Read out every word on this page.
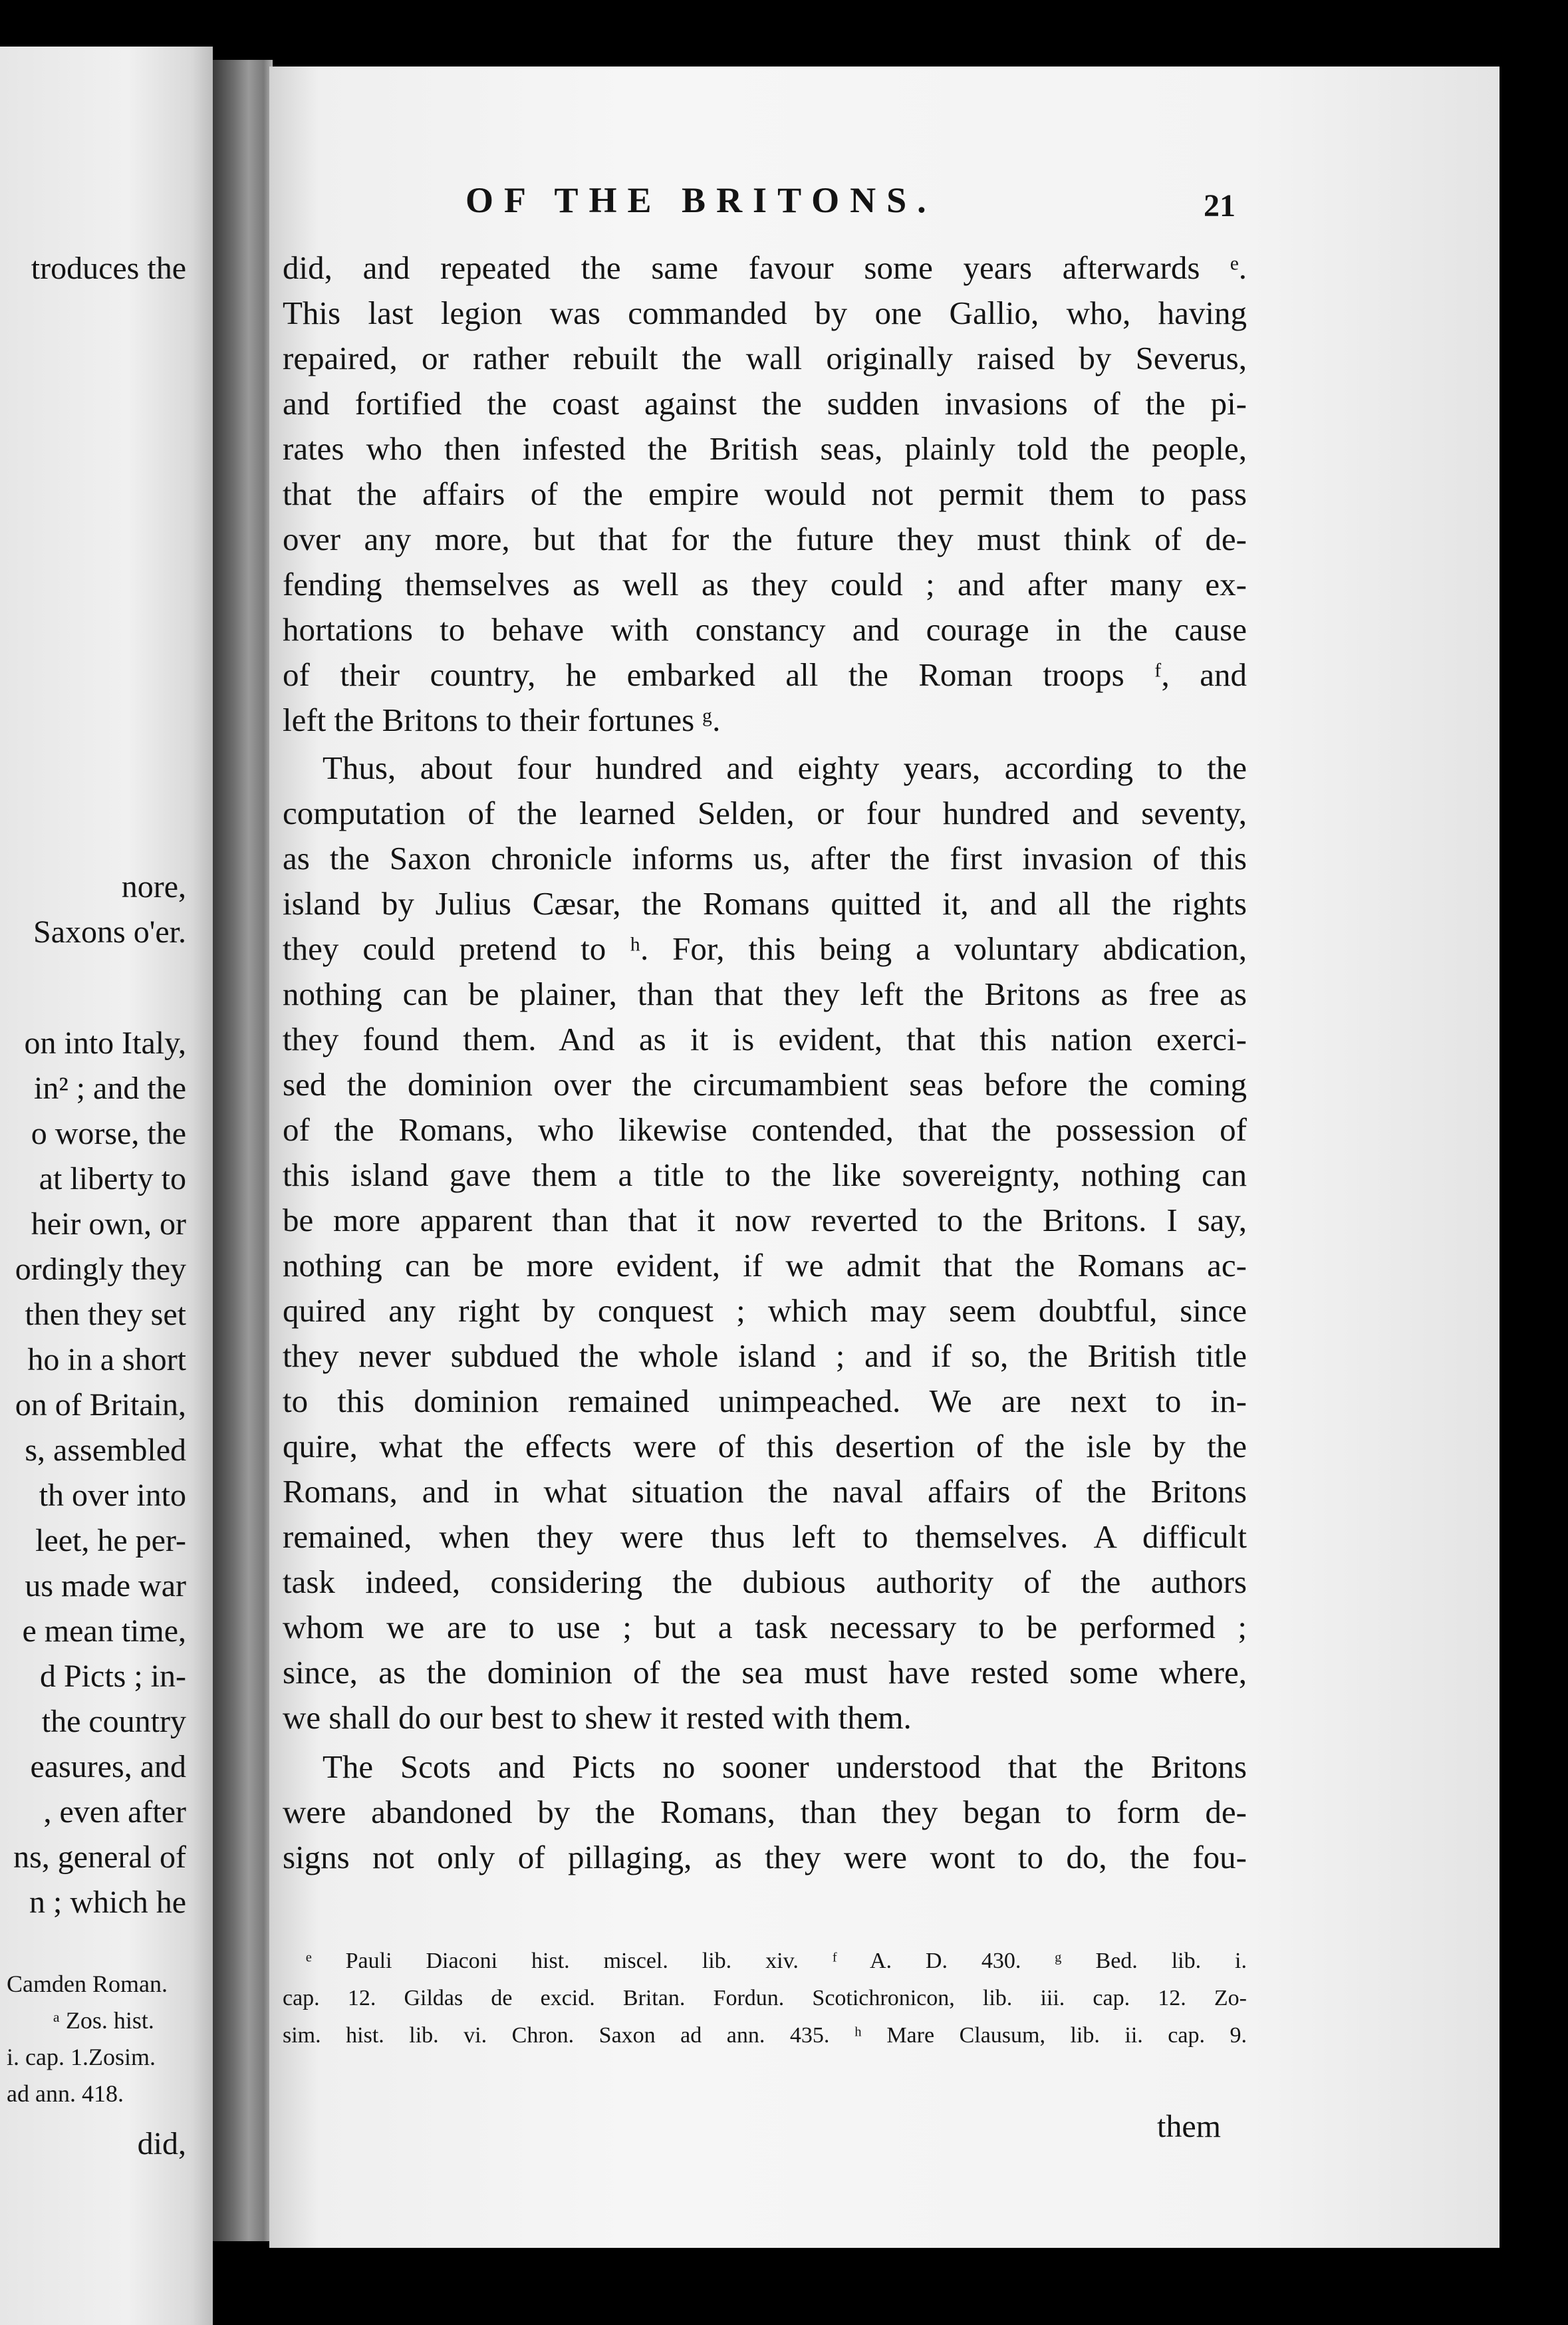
troduces the
nore,
Saxons o'er.
on into Italy,
in² ; and the
o worse, the
at liberty to
heir own, or
ordingly they
then they set
ho in a short
on of Britain,
s, assembled
th over into
leet, he per-
us made war
e mean time,
d Picts ; in-
the country
easures, and
, even after
ns, general of
n ; which he
Camden Roman.
ᵃ Zos. hist.
i. cap. 1.Zosim.
ad ann. 418.
did,
OF THE BRITONS.	21
did, and repeated the same favour some years afterwards ᵉ.
This last legion was commanded by one Gallio, who, having
repaired, or rather rebuilt the wall originally raised by Severus,
and fortified the coast against the sudden invasions of the pi-
rates who then infested the British seas, plainly told the people,
that the affairs of the empire would not permit them to pass
over any more, but that for the future they must think of de-
fending themselves as well as they could ; and after many ex-
hortations to behave with constancy and courage in the cause
of their country, he embarked all the Roman troops ᶠ, and
left the Britons to their fortunes ᵍ.
Thus, about four hundred and eighty years, according to the
computation of the learned Selden, or four hundred and seventy,
as the Saxon chronicle informs us, after the first invasion of this
island by Julius Cæsar, the Romans quitted it, and all the rights
they could pretend to ʰ. For, this being a voluntary abdication,
nothing can be plainer, than that they left the Britons as free as
they found them. And as it is evident, that this nation exerci-
sed the dominion over the circumambient seas before the coming
of the Romans, who likewise contended, that the possession of
this island gave them a title to the like sovereignty, nothing can
be more apparent than that it now reverted to the Britons. I say,
nothing can be more evident, if we admit that the Romans ac-
quired any right by conquest ; which may seem doubtful, since
they never subdued the whole island ; and if so, the British title
to this dominion remained unimpeached. We are next to in-
quire, what the effects were of this desertion of the isle by the
Romans, and in what situation the naval affairs of the Britons
remained, when they were thus left to themselves. A difficult
task indeed, considering the dubious authority of the authors
whom we are to use ; but a task necessary to be performed ;
since, as the dominion of the sea must have rested some where,
we shall do our best to shew it rested with them.
The Scots and Picts no sooner understood that the Britons
were abandoned by the Romans, than they began to form de-
signs not only of pillaging, as they were wont to do, the fou-
ᵉ Pauli Diaconi hist. miscel. lib. xiv. ᶠ A. D. 430. ᵍ Bed. lib. i.
cap. 12. Gildas de excid. Britan. Fordun. Scotichronicon, lib. iii. cap. 12. Zo-
sim. hist. lib. vi. Chron. Saxon ad ann. 435. ʰ Mare Clausum, lib. ii. cap. 9.
them
